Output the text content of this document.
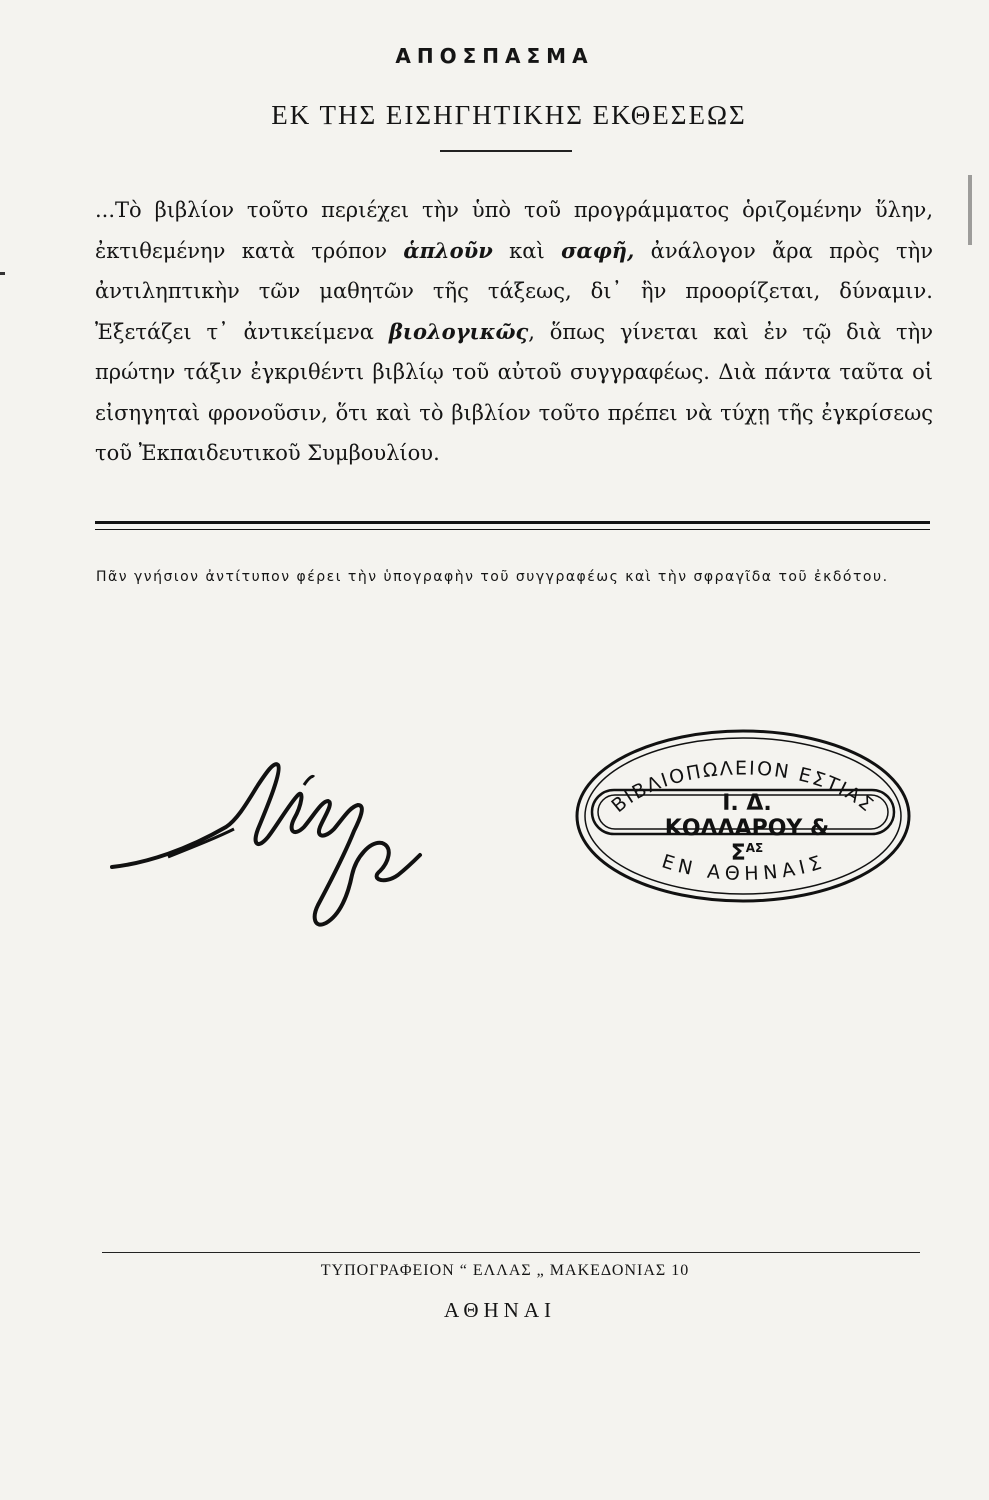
ΑΠΟΣΠΑΣΜΑ
ΕΚ ΤΗΣ ΕΙΣΗΓΗΤΙΚΗΣ ΕΚΘΕΣΕΩΣ
...Τὸ βιβλίον τοῦτο περιέχει τὴν ὑπὸ τοῦ προγράμματος ὁριζομένην ὕλην, ἐκτιθεμένην κατὰ τρόπον ἁπλοῦν καὶ σαφῆ, ἀνάλογον ἄρα πρὸς τὴν ἀντιληπτικὴν τῶν μαθητῶν τῆς τάξεως, δι᾽ ἣν προορίζεται, δύναμιν. Ἐξετάζει τ᾽ ἀντικείμενα βιολογικῶς, ὅπως γίνεται καὶ ἐν τῷ διὰ τὴν πρώτην τάξιν ἐγκριθέντι βιβλίῳ τοῦ αὐτοῦ συγγραφέως. Διὰ πάντα ταῦτα οἱ εἰσηγηταὶ φρονοῦσιν, ὅτι καὶ τὸ βιβλίον τοῦτο πρέπει νὰ τύχῃ τῆς ἐγκρίσεως τοῦ Ἐκπαιδευτικοῦ Συμβουλίου.
Πᾶν γνήσιον ἀντίτυπον φέρει τὴν ὑπογραφὴν τοῦ συγγραφέως καὶ τὴν σφραγῖδα τοῦ ἐκδότου.
ΒΙΒΛΙΟΠΩΛΕΙΟΝ ΕΣΤΙΑΣ
ΕΝ ΑΘΗΝΑΙΣ
Ι. Δ. ΚΟΛΛΑΡΟΥ & $\Sigma^{A\Sigma}$
ΤΥΠΟΓΡΑΦΕΙΟΝ “ ΕΛΛΑΣ „ ΜΑΚΕΔΟΝΙΑΣ 10
ΑΘΗΝΑΙ
